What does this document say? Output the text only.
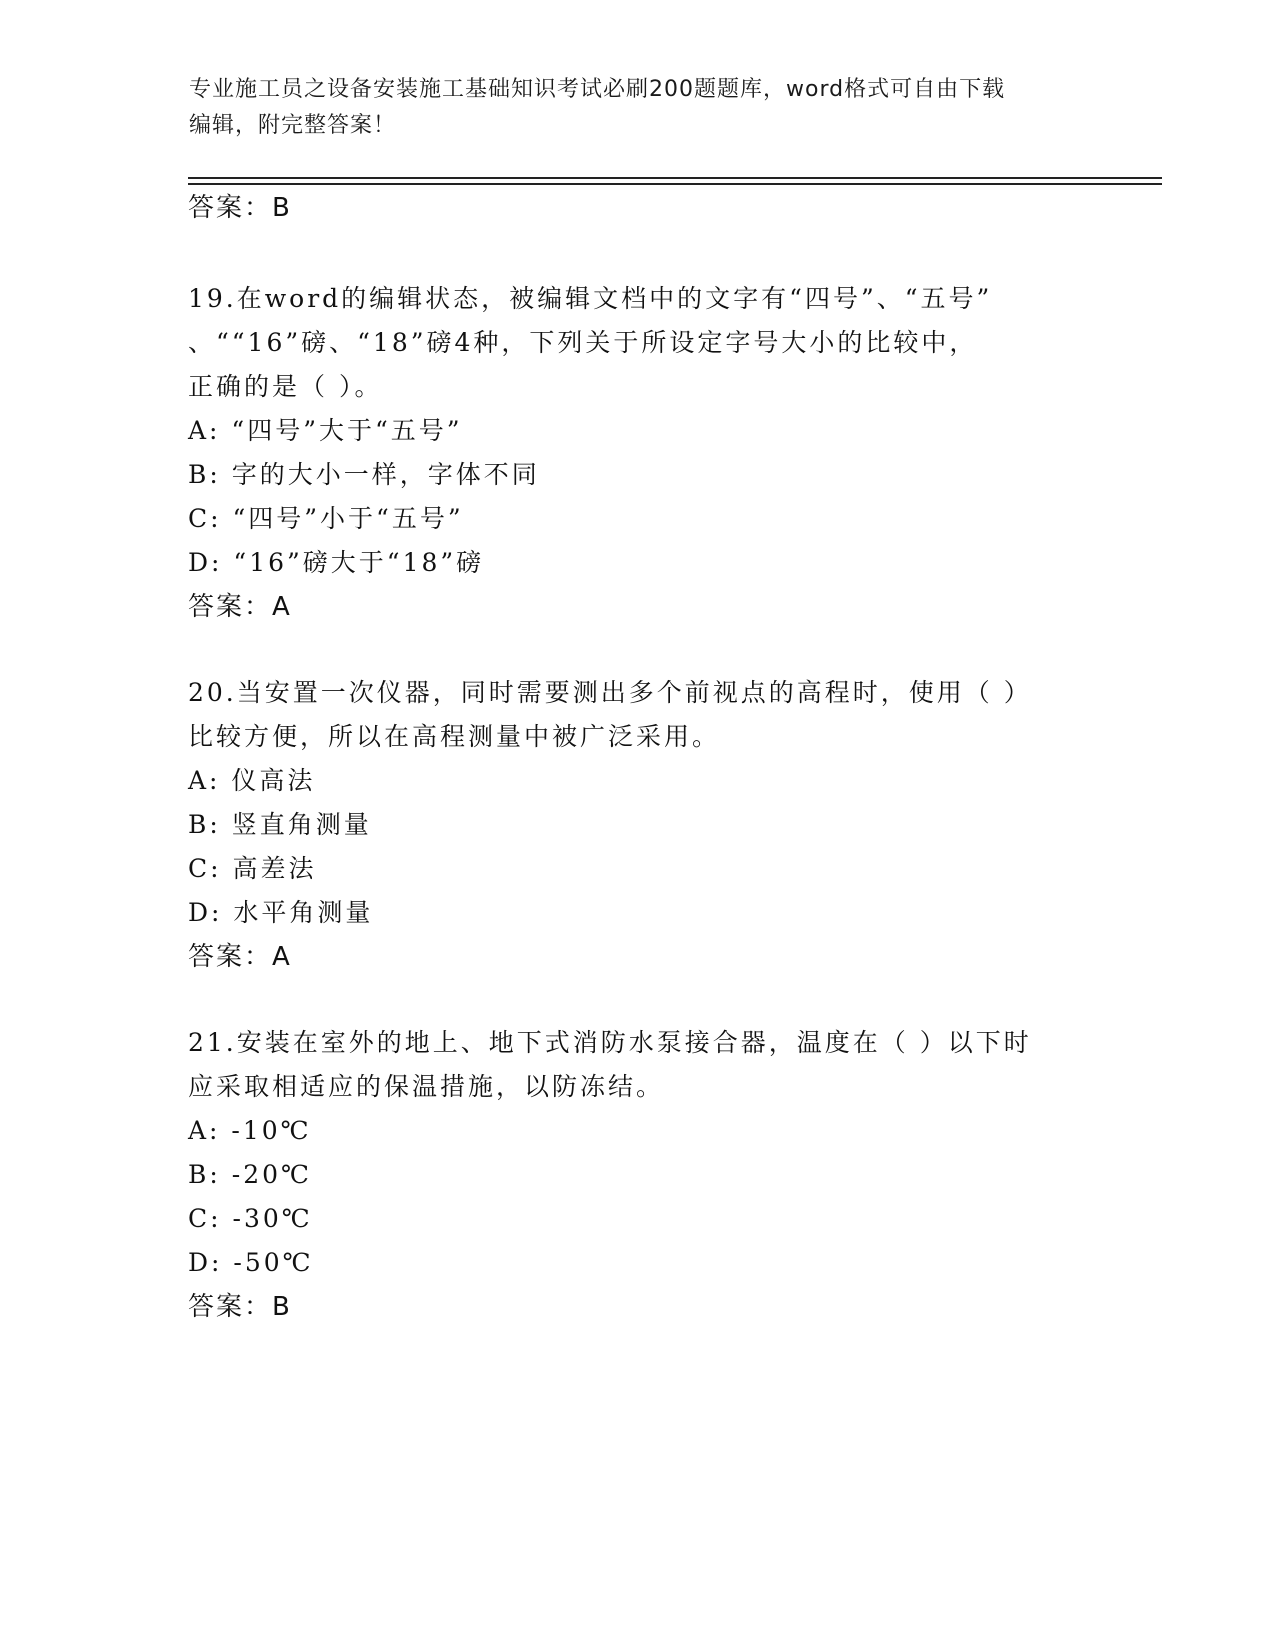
专业施工员之设备安装施工基础知识考试必刷200题题库，word格式可自由下载
编辑，附完整答案！
答案：B
19.在word的编辑状态，被编辑文档中的文字有“四号”、“五号”
、““16”磅、“18”磅4种，下列关于所设定字号大小的比较中，
正确的是（ ）。
A: “四号”大于“五号”
B: 字的大小一样，字体不同
C: “四号”小于“五号”
D: “16”磅大于“18”磅
答案：A
20.当安置一次仪器，同时需要测出多个前视点的高程时，使用（ ）
比较方便，所以在高程测量中被广泛采用。
A: 仪高法
B: 竖直角测量
C: 高差法
D: 水平角测量
答案：A
21.安装在室外的地上、地下式消防水泵接合器，温度在（ ）以下时
应采取相适应的保温措施，以防冻结。
A: -10℃
B: -20℃
C: -30℃
D: -50℃
答案：B
